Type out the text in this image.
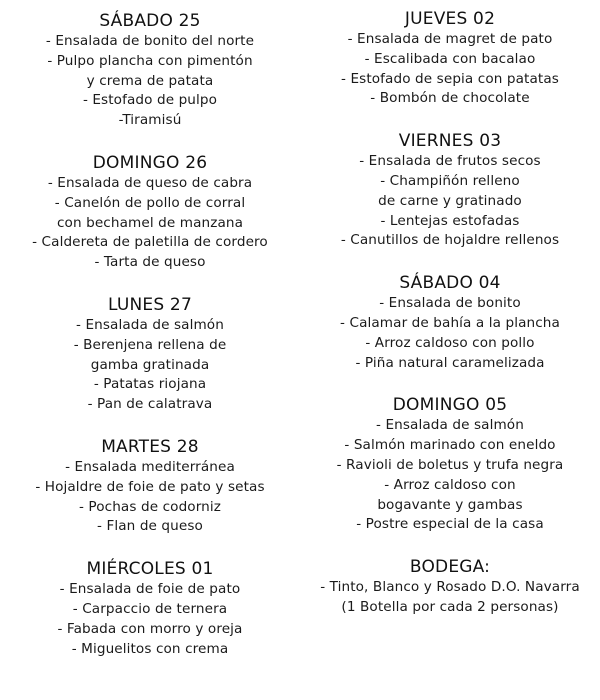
SÁBADO 25

- Ensalada de bonito del norte

- Pulpo plancha con pimentón

y crema de patata

- Estofado de pulpo

-Tiramisú

DOMINGO 26

- Ensalada de queso de cabra

- Canelón de pollo de corral

con bechamel de manzana

- Caldereta de paletilla de cordero

- Tarta de queso

LUNES 27

- Ensalada de salmón

- Berenjena rellena de

gamba gratinada

- Patatas riojana

- Pan de calatrava

MARTES 28

- Ensalada mediterránea

- Hojaldre de foie de pato y setas

- Pochas de codorniz

- Flan de queso

MIÉRCOLES 01

- Ensalada de foie de pato

- Carpaccio de ternera

- Fabada con morro y oreja

- Miguelitos con crema

JUEVES 02

- Ensalada de magret de pato

- Escalibada con bacalao

- Estofado de sepia con patatas

- Bombón de chocolate

VIERNES 03

- Ensalada de frutos secos

- Champiñón relleno

de carne y gratinado

- Lentejas estofadas

- Canutillos de hojaldre rellenos

SÁBADO 04

- Ensalada de bonito

- Calamar de bahía a la plancha

- Arroz caldoso con pollo

- Piña natural caramelizada

DOMINGO 05

- Ensalada de salmón

- Salmón marinado con eneldo

- Ravioli de boletus y trufa negra

- Arroz caldoso con

bogavante y gambas

- Postre especial de la casa

BODEGA:

- Tinto, Blanco y Rosado D.O. Navarra

(1 Botella por cada 2 personas)
